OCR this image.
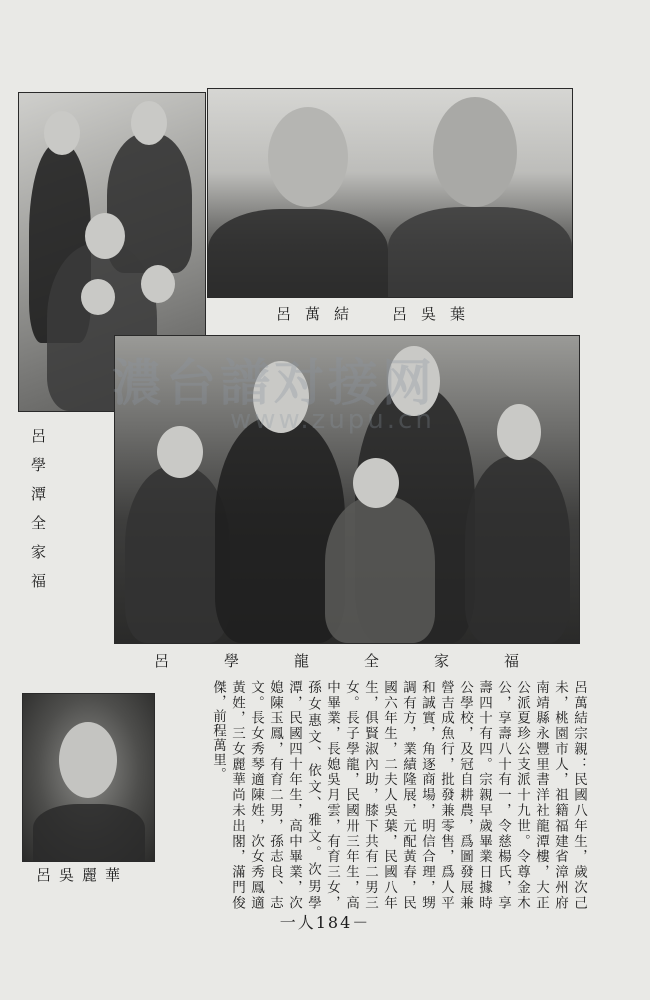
呂萬結　呂吳葉
呂學潭全家福
呂學龍全家福
濃台譜对接网
www.zupu.cn
呂吳麗華	呂萬結宗親：民國八年生，歲次己未，桃園市人，祖籍福建省漳州府南靖縣永豐里書洋社龍潭樓，大正公派夏珍公支派十九世。令尊金木公，享壽八十有一，令慈楊氏，享壽四十有四。宗親早歲畢業日據時公學校，及冠自耕農，爲圖發展兼營吉成魚行，批發兼零售，爲人平和誠實，角逐商場，明信合理，甥調有方，業績隆展，元配黃春，民國六年生，二夫人吳葉，民國八年生，俱賢淑內助，膝下共有二男三女。長子學龍，民國卅三年生，高中畢業，長媳吳月雲，有育三女，孫女惠文、依文、雅文。次男學潭，民國四十年生，高中畢業，次媳陳玉鳳，有育二男，孫志良、志文。長女秀琴適陳姓，次女秀鳳適黃姓，三女麗華尚未出閣，滿門俊傑，前程萬里。

一人184－
